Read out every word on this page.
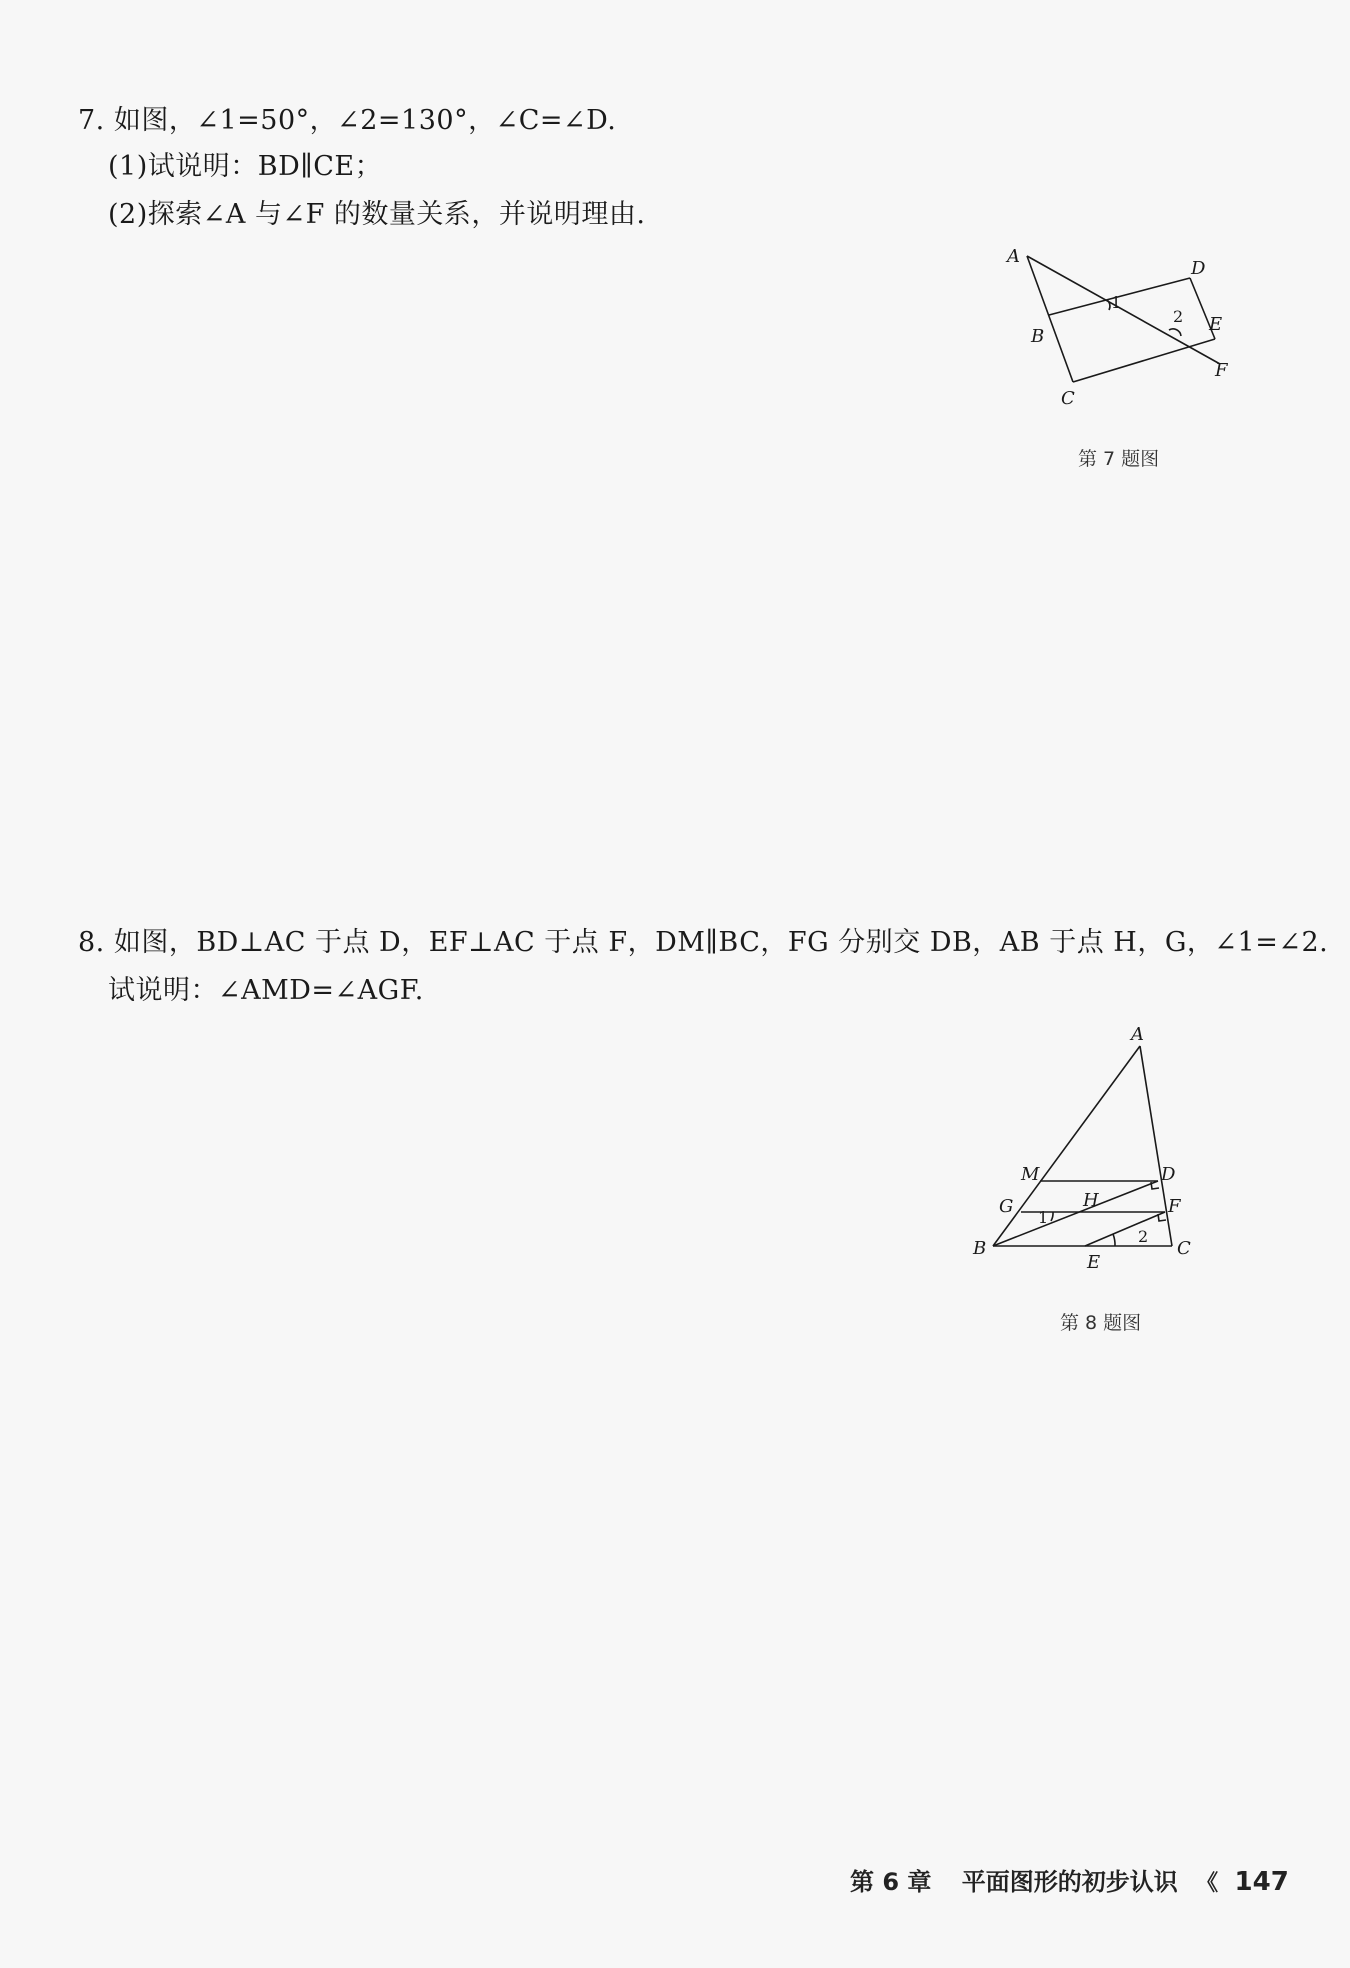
7. 如图，∠1=50°，∠2=130°，∠C=∠D.
(1)试说明：BD∥CE；
(2)探索∠A 与∠F 的数量关系，并说明理由.
A
B
C
D
E
F
1
2
第 7 题图
8. 如图，BD⊥AC 于点 D，EF⊥AC 于点 F，DM∥BC，FG 分别交 DB，AB 于点 H，G，∠1=∠2.
试说明：∠AMD=∠AGF.
A
B	C
M	D
G	H	F
E
1
2
第 8 题图
第 6 章 平面图形的初步认识 《 147
